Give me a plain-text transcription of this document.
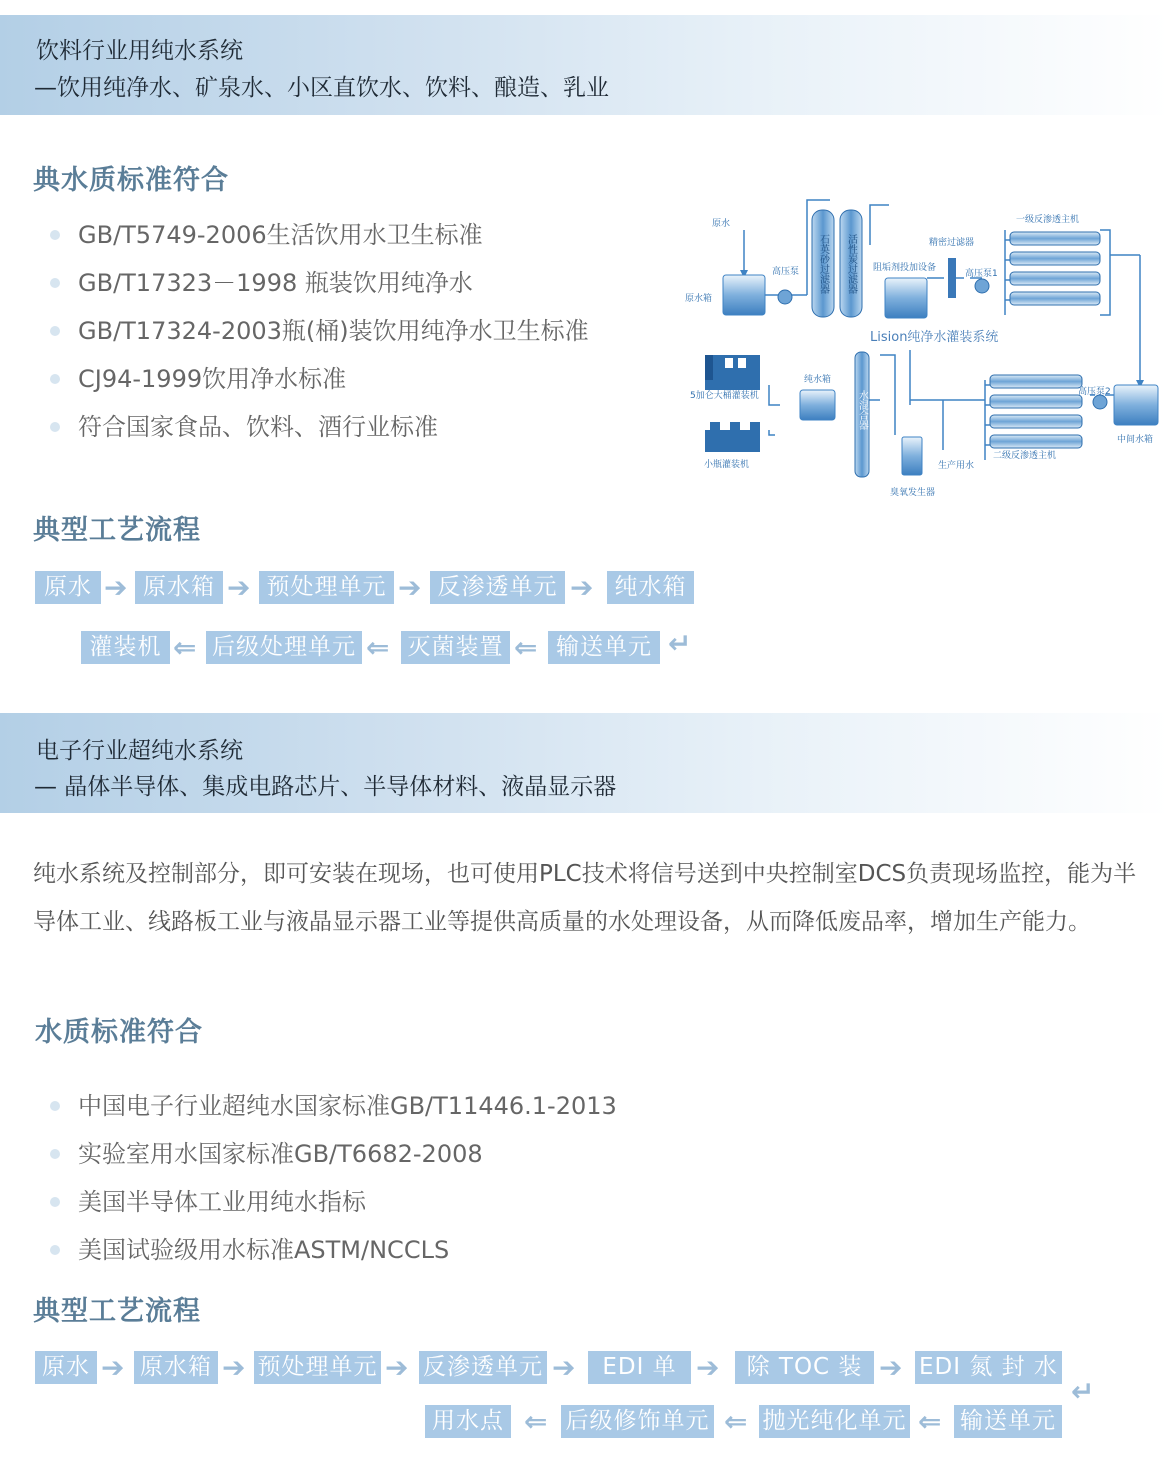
饮料行业用纯水系统
—饮用纯净水、矿泉水、小区直饮水、饮料、酿造、乳业
典水质标准符合
GB/T5749-2006生活饮用水卫生标准
GB/T17323－1998 瓶装饮用纯净水
GB/T17324-2003瓶(桶)装饮用纯净水卫生标准
CJ94-1999饮用净水标准
符合国家食品、饮料、酒行业标准
原水
原水箱
高压泵	阻垢剂投加设备
精密过滤器
高压泵1
一级反渗透主机
5加仑大桶灌装机
纯水箱
臭氧发生器
生产用水
二级反渗透主机
高压泵2
中间水箱
小瓶灌装机
Lision纯净水灌装系统
石英砂过滤器 活性炭过滤器
水混合器
典型工艺流程
原水 ➔ 原水箱 ➔ 预处理单元 ➔ 反渗透单元 ➔ 纯水箱
灌装机 ⇐ 后级处理单元 ⇐ 灭菌装置 ⇐ 输送单元 ↵
电子行业超纯水系统
— 晶体半导体、集成电路芯片、半导体材料、液晶显示器
纯水系统及控制部分，即可安装在现场，也可使用PLC技术将信号送到中央控制室DCS负责现场监控，能为半导体工业、线路板工业与液晶显示器工业等提供高质量的水处理设备，从而降低废品率，增加生产能力。
水质标准符合
中国电子行业超纯水国家标准GB/T11446.1-2013
实验室用水国家标准GB/T6682-2008
美国半导体工业用纯水指标
美国试验级用水标准ASTM/NCCLS
典型工艺流程
原水 ➔ 原水箱 ➔ 预处理单元 ➔ 反渗透单元 ➔	EDI 单 ➔	除 TOC 装 ➔ EDI 氮 封 水
↵
用水点 ⇐ 后级修饰单元 ⇐ 抛光纯化单元 ⇐ 输送单元
